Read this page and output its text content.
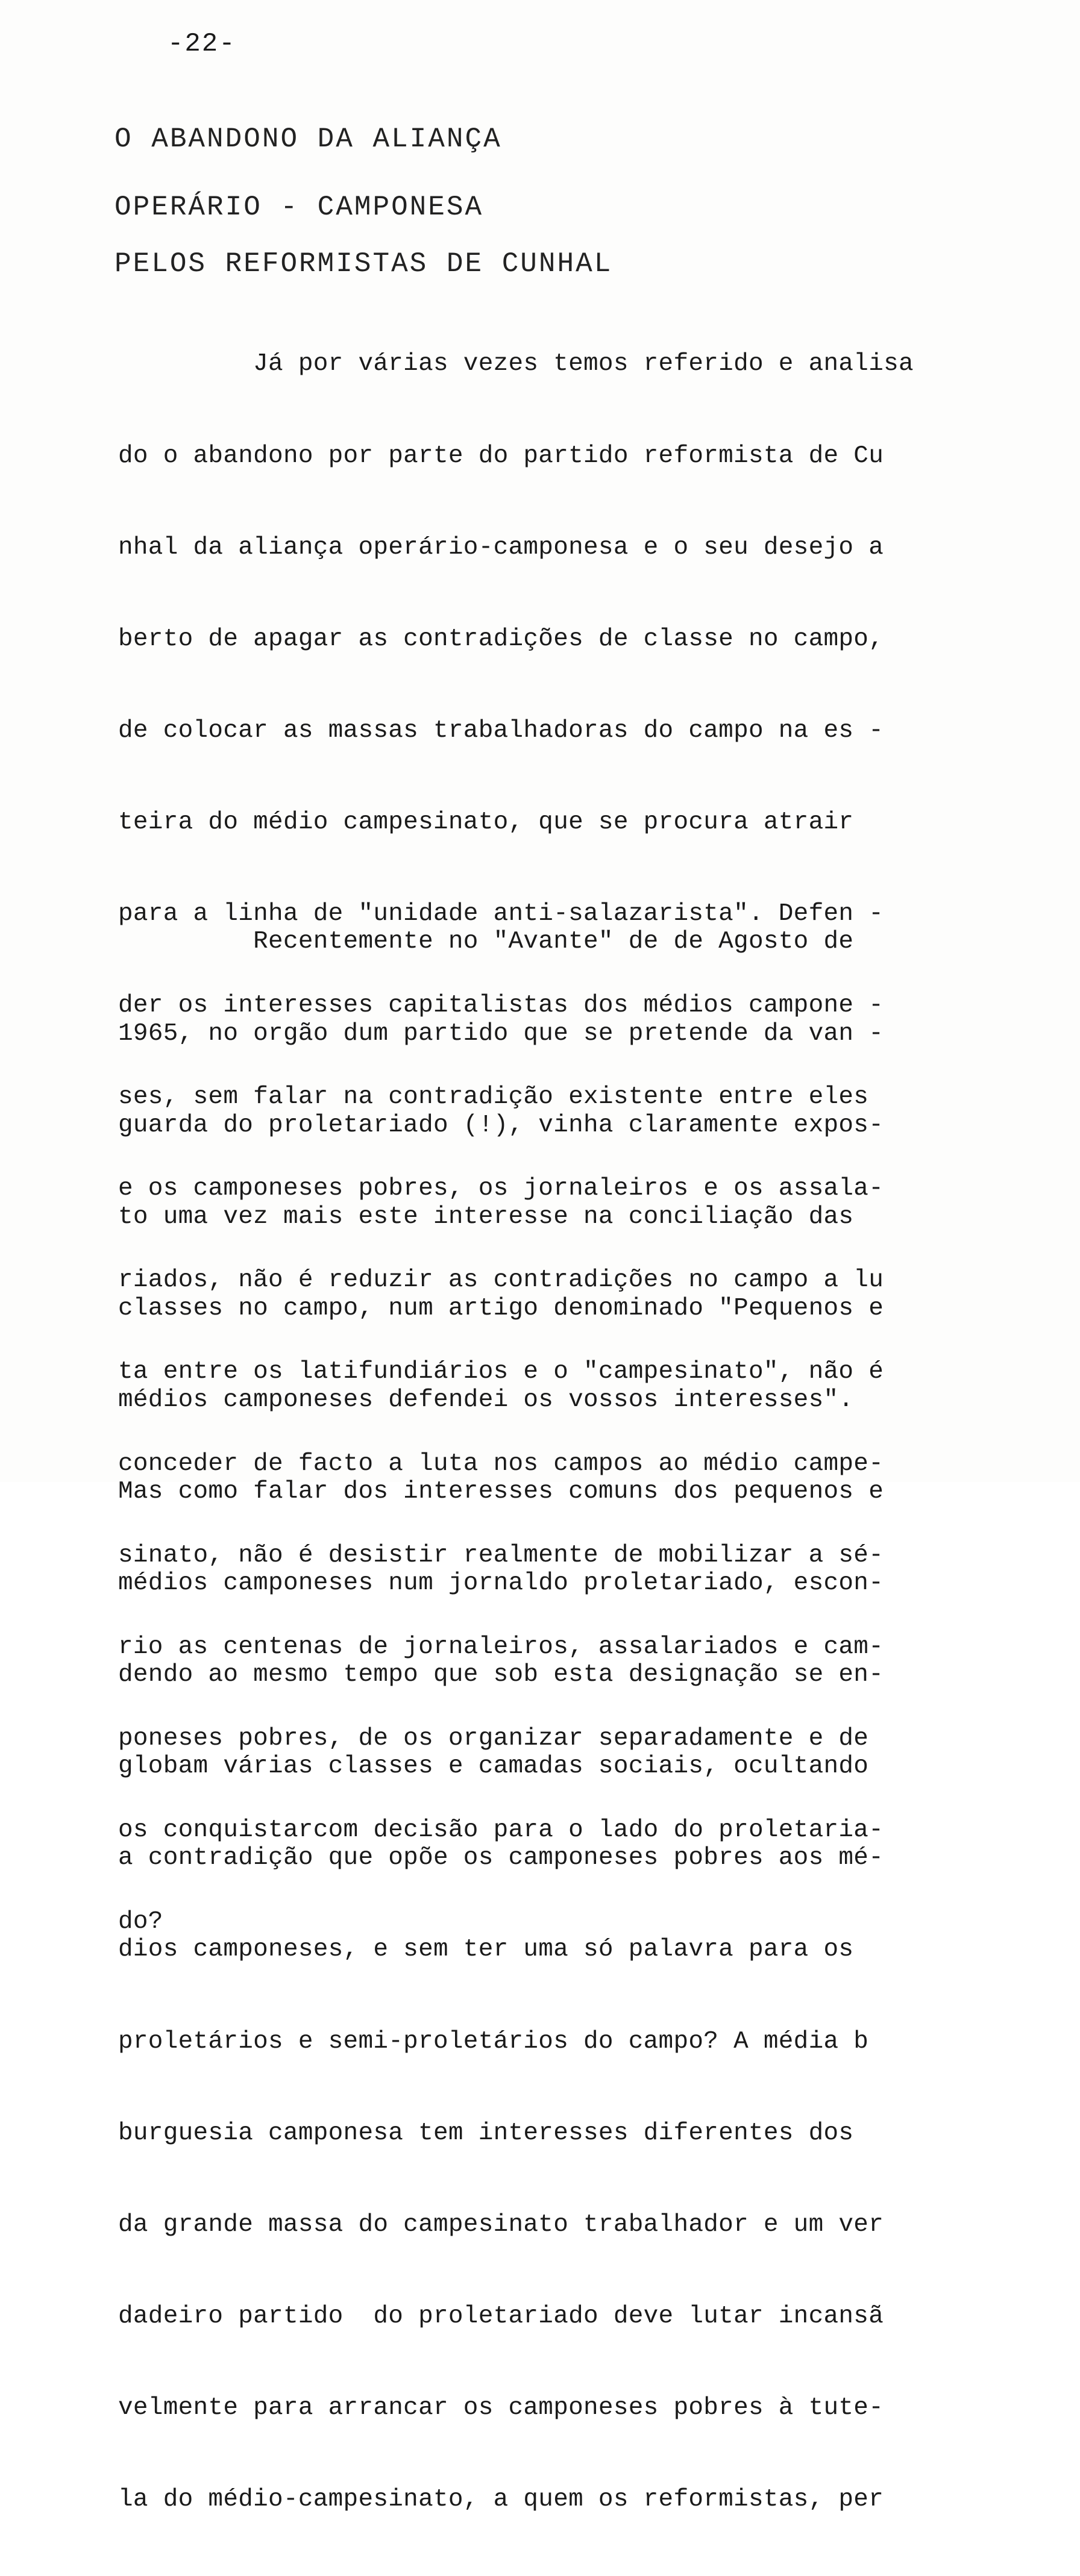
-22-
O ABANDONO DA ALIANÇA
OPERÁRIO - CAMPONESA
PELOS REFORMISTAS DE CUNHAL

Já por várias vezes temos referido e analisa

do o abandono por parte do partido reformista de Cu

nhal da aliança operário-camponesa e o seu desejo a

berto de apagar as contradições de classe no campo,

de colocar as massas trabalhadoras do campo na es -

teira do médio campesinato, que se procura atrair

para a linha de "unidade anti-salazarista". Defen -

der os interesses capitalistas dos médios campone -

ses, sem falar na contradição existente entre eles

e os camponeses pobres, os jornaleiros e os assala-

riados, não é reduzir as contradições no campo a lu

ta entre os latifundiários e o "campesinato", não é

conceder de facto a luta nos campos ao médio campe-

sinato, não é desistir realmente de mobilizar a sé-

rio as centenas de jornaleiros, assalariados e cam-

poneses pobres, de os organizar separadamente e de

os conquistarcom decisão para o lado do proletaria-

do?

Recentemente no "Avante" de de Agosto de

1965, no orgão dum partido que se pretende da van -

guarda do proletariado (!), vinha claramente expos-

to uma vez mais este interesse na conciliação das

classes no campo, num artigo denominado "Pequenos e

médios camponeses defendei os vossos interesses".

Mas como falar dos interesses comuns dos pequenos e

médios camponeses num jornaldo proletariado, escon-

dendo ao mesmo tempo que sob esta designação se en-

globam várias classes e camadas sociais, ocultando

a contradição que opõe os camponeses pobres aos mé-

dios camponeses, e sem ter uma só palavra para os

proletários e semi-proletários do campo? A média b

burguesia camponesa tem interesses diferentes dos

da grande massa do campesinato trabalhador e um ver

dadeiro partido  do proletariado deve lutar incansã

velmente para arrancar os camponeses pobres à tute-

la do médio-campesinato, a quem os reformistas, per
